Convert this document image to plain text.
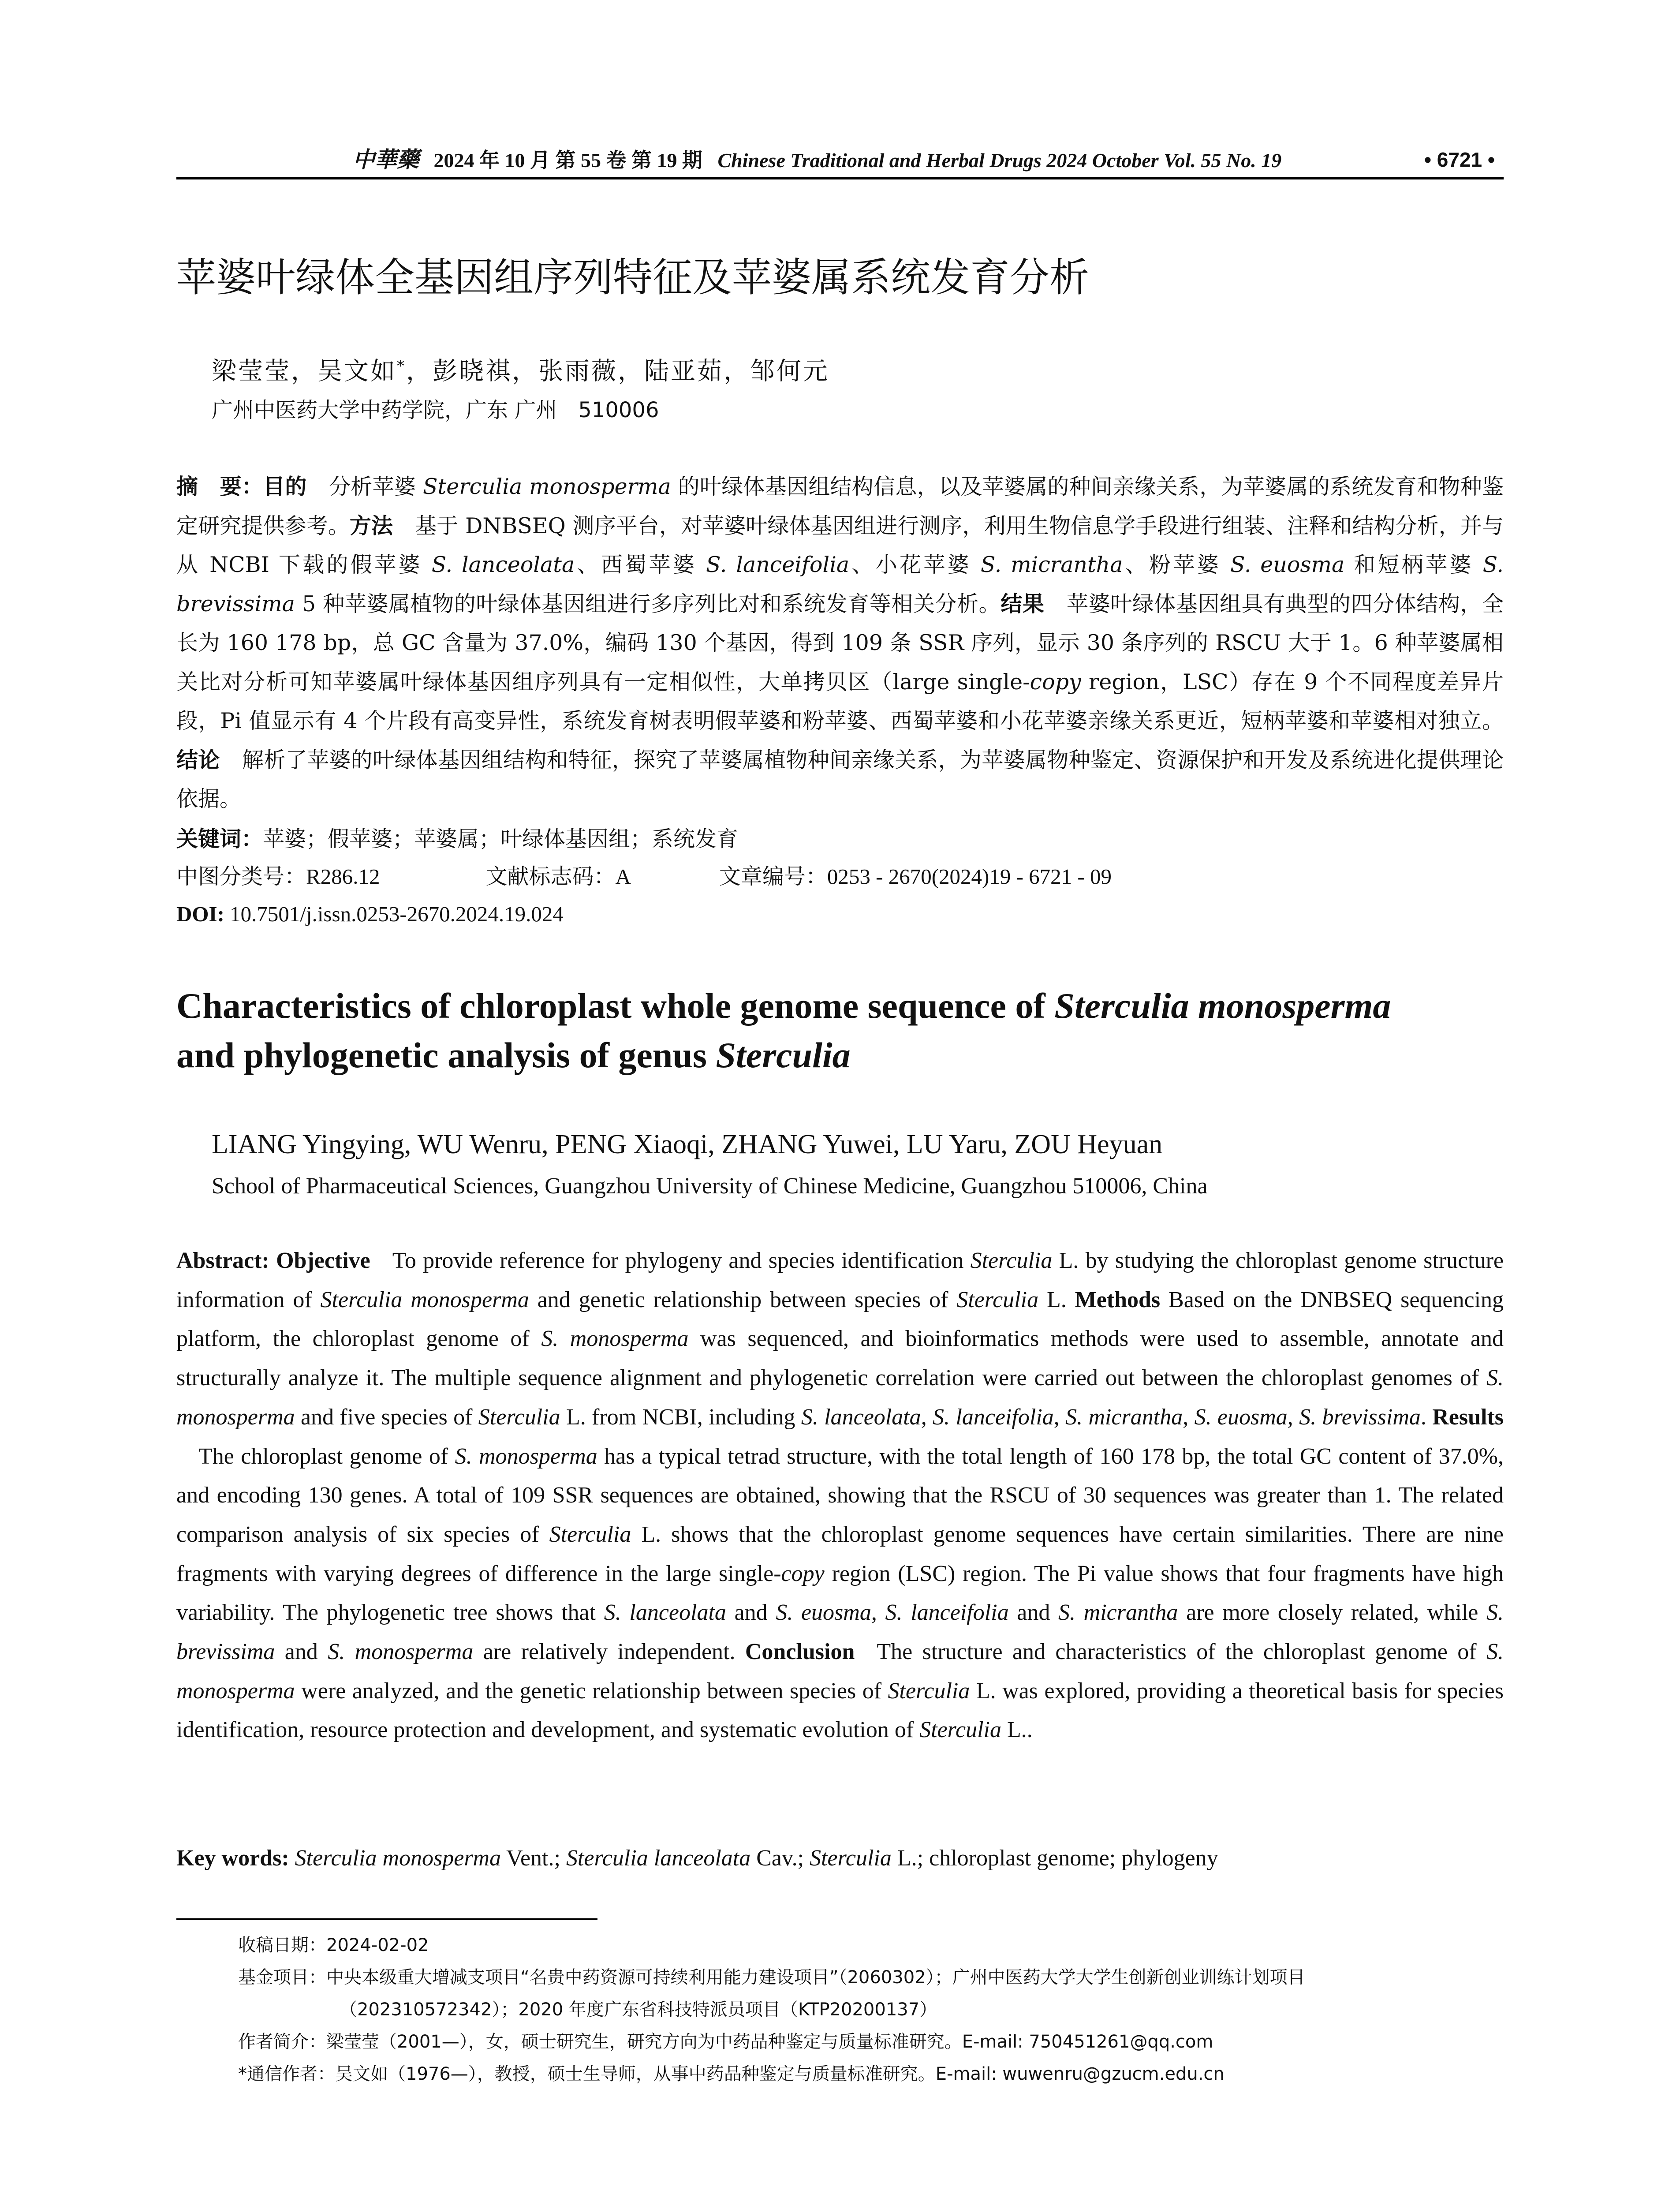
中華藥 2024 年 10 月 第 55 卷 第 19 期 Chinese Traditional and Herbal Drugs 2024 October Vol. 55 No. 19	• 6721 •
苹婆叶绿体全基因组序列特征及苹婆属系统发育分析
梁莹莹，吴文如*，彭晓祺，张雨薇，陆亚茹，邹何元
广州中医药大学中药学院，广东 广州　510006
摘　要：目的 分析苹婆 Sterculia monosperma 的叶绿体基因组结构信息，以及苹婆属的种间亲缘关系，为苹婆属的系统发育和物种鉴定研究提供参考。方法 基于 DNBSEQ 测序平台，对苹婆叶绿体基因组进行测序，利用生物信息学手段进行组装、注释和结构分析，并与从 NCBI 下载的假苹婆 S. lanceolata、西蜀苹婆 S. lanceifolia、小花苹婆 S. micrantha、粉苹婆 S. euosma 和短柄苹婆 S. brevissima 5 种苹婆属植物的叶绿体基因组进行多序列比对和系统发育等相关分析。结果 苹婆叶绿体基因组具有典型的四分体结构，全长为 160 178 bp，总 GC 含量为 37.0%，编码 130 个基因，得到 109 条 SSR 序列，显示 30 条序列的 RSCU 大于 1。6 种苹婆属相关比对分析可知苹婆属叶绿体基因组序列具有一定相似性，大单拷贝区（large single-copy region，LSC）存在 9 个不同程度差异片段，Pi 值显示有 4 个片段有高变异性，系统发育树表明假苹婆和粉苹婆、西蜀苹婆和小花苹婆亲缘关系更近，短柄苹婆和苹婆相对独立。结论 解析了苹婆的叶绿体基因组结构和特征，探究了苹婆属植物种间亲缘关系，为苹婆属物种鉴定、资源保护和开发及系统进化提供理论依据。
关键词：苹婆；假苹婆；苹婆属；叶绿体基因组；系统发育
中图分类号：R286.12	文献标志码：A	文章编号：0253 - 2670(2024)19 - 6721 - 09
DOI: 10.7501/j.issn.0253-2670.2024.19.024
Characteristics of chloroplast whole genome sequence of Sterculia monosperma
and phylogenetic analysis of genus Sterculia
LIANG Yingying, WU Wenru, PENG Xiaoqi, ZHANG Yuwei, LU Yaru, ZOU Heyuan
School of Pharmaceutical Sciences, Guangzhou University of Chinese Medicine, Guangzhou 510006, China
Abstract: Objective To provide reference for phylogeny and species identification Sterculia L. by studying the chloroplast genome structure information of Sterculia monosperma and genetic relationship between species of Sterculia L. Methods Based on the DNBSEQ sequencing platform, the chloroplast genome of S. monosperma was sequenced, and bioinformatics methods were used to assemble, annotate and structurally analyze it. The multiple sequence alignment and phylogenetic correlation were carried out between the chloroplast genomes of S. monosperma and five species of Sterculia L. from NCBI, including S. lanceolata, S. lanceifolia, S. micrantha, S. euosma, S. brevissima. ResultsThe chloroplast genome of S. monosperma has a typical tetrad structure, with the total length of 160 178 bp, the total GC content of 37.0%, and encoding 130 genes. A total of 109 SSR sequences are obtained, showing that the RSCU of 30 sequences was greater than 1. The related comparison analysis of six species of Sterculia L. shows that the chloroplast genome sequences have certain similarities. There are nine fragments with varying degrees of difference in the large single-copy region (LSC) region. The Pi value shows that four fragments have high variability. The phylogenetic tree shows that S. lanceolata and S. euosma, S. lanceifolia and S. micrantha are more closely related, while S. brevissima and S. monosperma are relatively independent. Conclusion The structure and characteristics of the chloroplast genome of S. monosperma were analyzed, and the genetic relationship between species of Sterculia L. was explored, providing a theoretical basis for species identification, resource protection and development, and systematic evolution of Sterculia L..
Key words: Sterculia monosperma Vent.; Sterculia lanceolata Cav.; Sterculia L.; chloroplast genome; phylogeny
收稿日期： 2024-02-02
基金项目： 中央本级重大增减支项目“名贵中药资源可持续利用能力建设项目”（2060302）；广州中医药大学大学生创新创业训练计划项目
（202310572342）；2020 年度广东省科技特派员项目（KTP20200137）
作者简介： 梁莹莹（2001—），女，硕士研究生，研究方向为中药品种鉴定与质量标准研究。E-mail: 750451261@qq.com
*通信作者： 吴文如（1976—），教授，硕士生导师，从事中药品种鉴定与质量标准研究。E-mail: wuwenru@gzucm.edu.cn
